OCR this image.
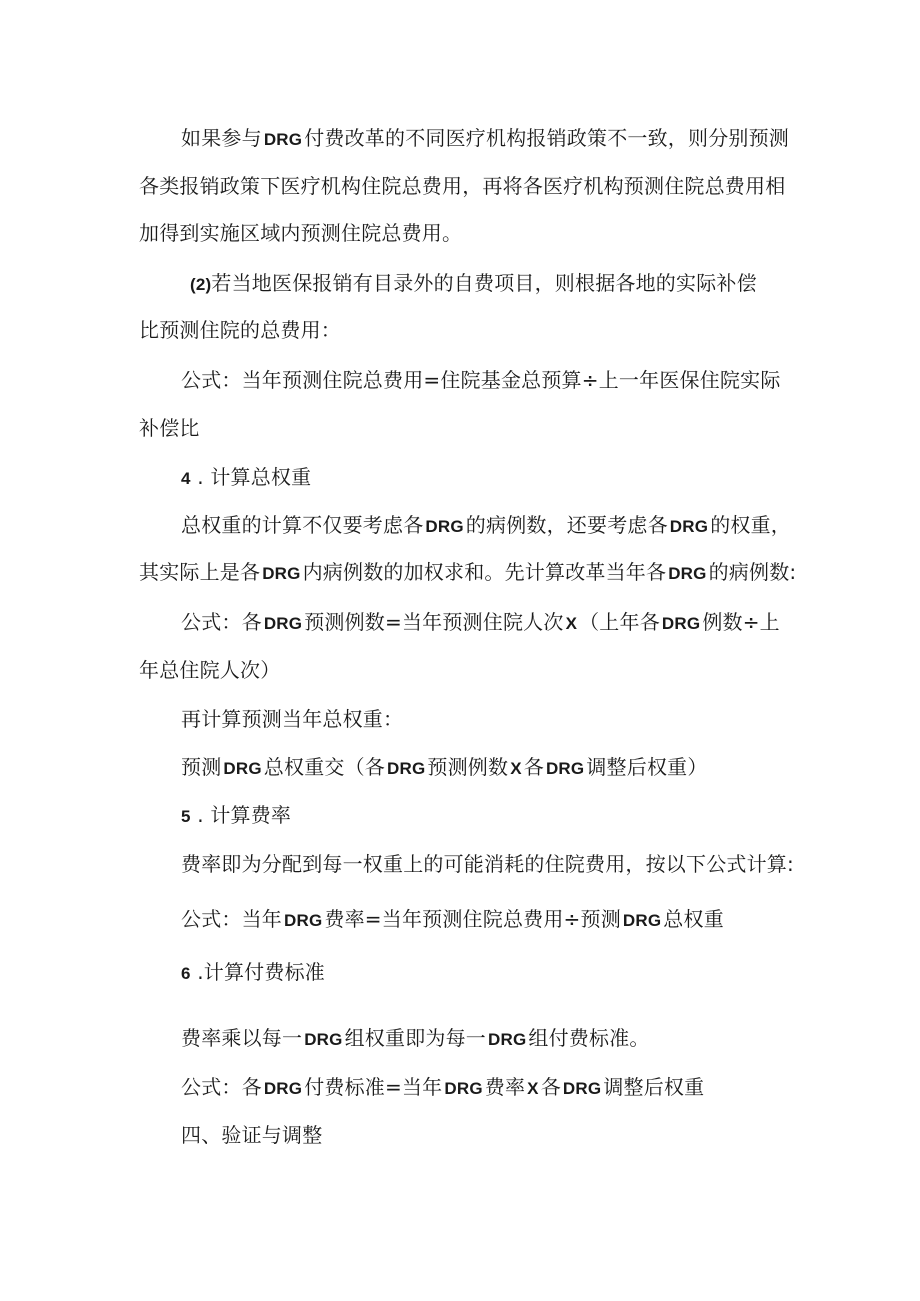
如果参与 DRG 付费改革的不同医疗机构报销政策不一致，则分别预测
各类报销政策下医疗机构住院总费用，再将各医疗机构预测住院总费用相
加得到实施区域内预测住院总费用。
(2)若当地医保报销有目录外的自费项目，则根据各地的实际补偿
比预测住院的总费用：
公式：当年预测住院总费用=住院基金总预算÷上一年医保住院实际
补偿比
4 . 计算总权重
总权重的计算不仅要考虑各 DRG 的病例数，还要考虑各 DRG 的权重，
其实际上是各 DRG 内病例数的加权求和。先计算改革当年各 DRG 的病例数:
公式：各 DRG 预测例数=当年预测住院人次 X （上年各 DRG 例数÷上
年总住院人次）
再计算预测当年总权重：
预测 DRG 总权重交（各 DRG 预测例数 X 各 DRG 调整后权重）
5 . 计算费率
费率即为分配到每一权重上的可能消耗的住院费用，按以下公式计算:
公式：当年 DRG 费率=当年预测住院总费用÷预测 DRG 总权重
6 .计算付费标准
费率乘以每一 DRG 组权重即为每一 DRG 组付费标准。
公式：各 DRG 付费标准=当年 DRG 费率 X 各 DRG 调整后权重
四、验证与调整
